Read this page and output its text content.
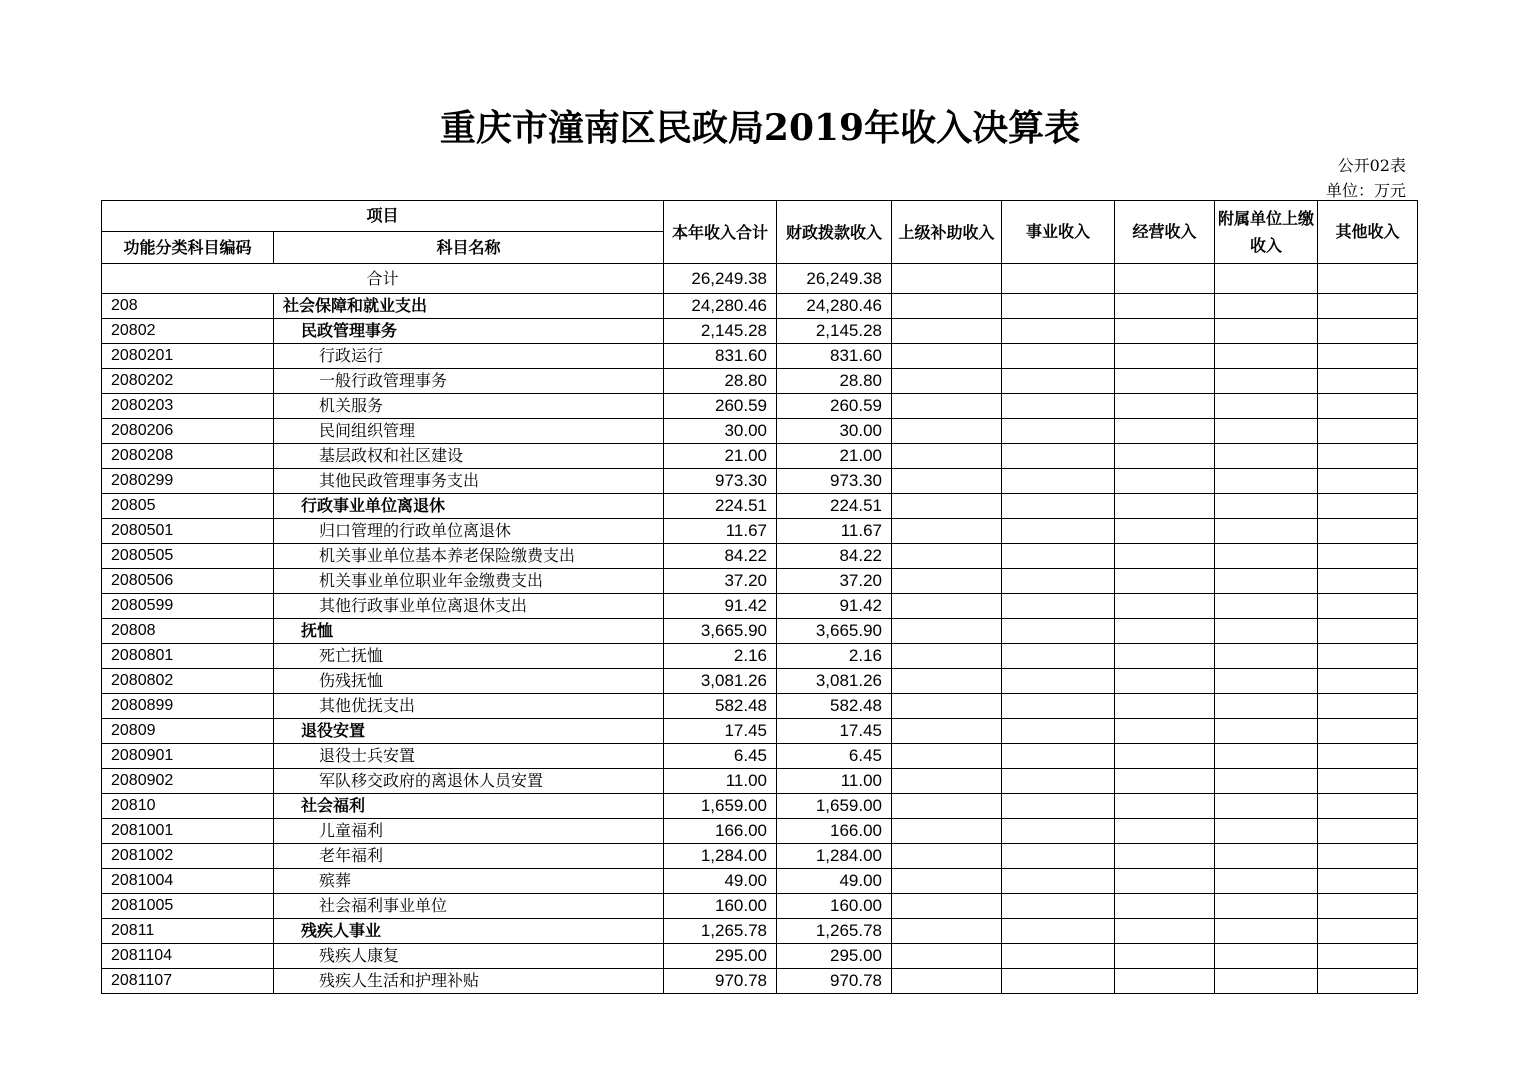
重庆市潼南区民政局2019年收入决算表
公开02表
单位：万元
项目		本年收入合计	财政拨款收入	上级补助收入	事业收入	经营收入	附属单位上缴收入	其他收入
功能分类科目编码	科目名称							
合计		26,249.38	26,249.38					
208	社会保障和就业支出	24,280.46	24,280.46					
20802	民政管理事务	2,145.28	2,145.28					
2080201	行政运行	831.60	831.60					
2080202	一般行政管理事务	28.80	28.80					
2080203	机关服务	260.59	260.59					
2080206	民间组织管理	30.00	30.00					
2080208	基层政权和社区建设	21.00	21.00					
2080299	其他民政管理事务支出	973.30	973.30					
20805	行政事业单位离退休	224.51	224.51					
2080501	归口管理的行政单位离退休	11.67	11.67					
2080505	机关事业单位基本养老保险缴费支出	84.22	84.22					
2080506	机关事业单位职业年金缴费支出	37.20	37.20					
2080599	其他行政事业单位离退休支出	91.42	91.42					
20808	抚恤	3,665.90	3,665.90					
2080801	死亡抚恤	2.16	2.16					
2080802	伤残抚恤	3,081.26	3,081.26					
2080899	其他优抚支出	582.48	582.48					
20809	退役安置	17.45	17.45					
2080901	退役士兵安置	6.45	6.45					
2080902	军队移交政府的离退休人员安置	11.00	11.00					
20810	社会福利	1,659.00	1,659.00					
2081001	儿童福利	166.00	166.00					
2081002	老年福利	1,284.00	1,284.00					
2081004	殡葬	49.00	49.00					
2081005	社会福利事业单位	160.00	160.00					
20811	残疾人事业	1,265.78	1,265.78					
2081104	残疾人康复	295.00	295.00					
2081107	残疾人生活和护理补贴	970.78	970.78					
